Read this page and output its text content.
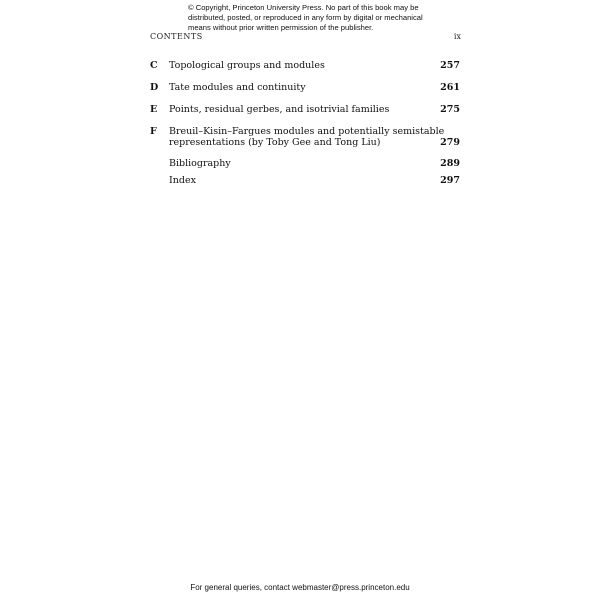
© Copyright, Princeton University Press. No part of this book may be
distributed, posted, or reproduced in any form by digital or mechanical
means without prior written permission of the publisher.
CONTENTS	ix
C Topological groups and modules	257
D Tate modules and continuity	261
E Points, residual gerbes, and isotrivial families	275
F Breuil–Kisin–Fargues modules and potentially semistable
representations (by Toby Gee and Tong Liu)	279
Bibliography	289
Index	297
For general queries, contact webmaster@press.princeton.edu
